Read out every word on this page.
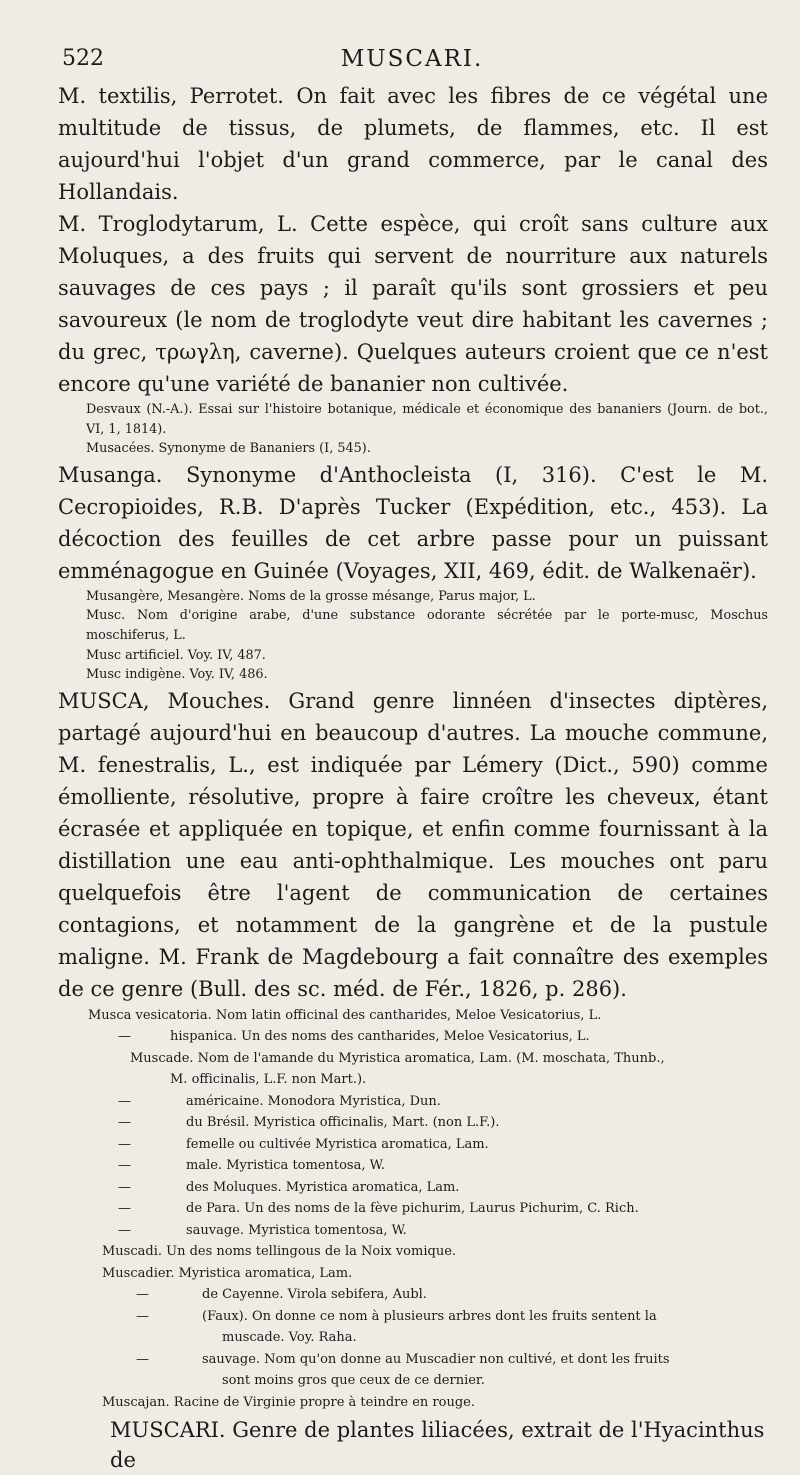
522	MUSCARI.

M. textilis, Perrotet. On fait avec les fibres de ce végétal une multitude de tissus, de plumets, de flammes, etc. Il est aujourd'hui l'objet d'un grand commerce, par le canal des Hollandais.

M. Troglodytarum, L. Cette espèce, qui croît sans culture aux Moluques, a des fruits qui servent de nourriture aux naturels sauvages de ces pays ; il paraît qu'ils sont grossiers et peu savoureux (le nom de troglodyte veut dire habitant les cavernes ; du grec, τρωγλη, caverne). Quelques auteurs croient que ce n'est encore qu'une variété de bananier non cultivée.

Desvaux (N.-A.). Essai sur l'histoire botanique, médicale et économique des bananiers (Journ. de bot., VI, 1, 1814).

Musacées. Synonyme de Bananiers (I, 545).

Musanga. Synonyme d'Anthocleista (I, 316). C'est le M. Cecropioides, R.B. D'après Tucker (Expédition, etc., 453). La décoction des feuilles de cet arbre passe pour un puissant emménagogue en Guinée (Voyages, XII, 469, édit. de Walkenaër).

Musangère, Mesangère. Noms de la grosse mésange, Parus major, L.

Musc. Nom d'origine arabe, d'une substance odorante sécrétée par le porte-musc, Moschus moschiferus, L.

Musc artificiel. Voy. IV, 487.

Musc indigène. Voy. IV, 486.

MUSCA, Mouches. Grand genre linnéen d'insectes diptères, partagé aujourd'hui en beaucoup d'autres. La mouche commune, M. fenestralis, L., est indiquée par Lémery (Dict., 590) comme émolliente, résolutive, propre à faire croître les cheveux, étant écrasée et appliquée en topique, et enfin comme fournissant à la distillation une eau anti-ophthalmique. Les mouches ont paru quelquefois être l'agent de communication de certaines contagions, et notamment de la gangrène et de la pustule maligne. M. Frank de Magdebourg a fait connaître des exemples de ce genre (Bull. des sc. méd. de Fér., 1826, p. 286).

Musca vesicatoria. Nom latin officinal des cantharides, Meloe Vesicatorius, L.
—	hispanica. Un des noms des cantharides, Meloe Vesicatorius, L.
Muscade. Nom de l'amande du Myristica aromatica, Lam. (M. moschata, Thunb.,
M. officinalis, L.F. non Mart.).
—	américaine. Monodora Myristica, Dun.
—	du Brésil. Myristica officinalis, Mart. (non L.F.).
—	femelle ou cultivée Myristica aromatica, Lam.
—	male. Myristica tomentosa, W.
—	des Moluques. Myristica aromatica, Lam.
—	de Para. Un des noms de la fève pichurim, Laurus Pichurim, C. Rich.
—	sauvage. Myristica tomentosa, W.
Muscadi. Un des noms tellingous de la Noix vomique.
Muscadier. Myristica aromatica, Lam.
—	de Cayenne. Virola sebifera, Aubl.
—	(Faux). On donne ce nom à plusieurs arbres dont les fruits sentent la
muscade. Voy. Raha.
—	sauvage. Nom qu'on donne au Muscadier non cultivé, et dont les fruits
sont moins gros que ceux de ce dernier.
Muscajan. Racine de Virginie propre à teindre en rouge.
MUSCARI. Genre de plantes liliacées, extrait de l'Hyacinthus de
